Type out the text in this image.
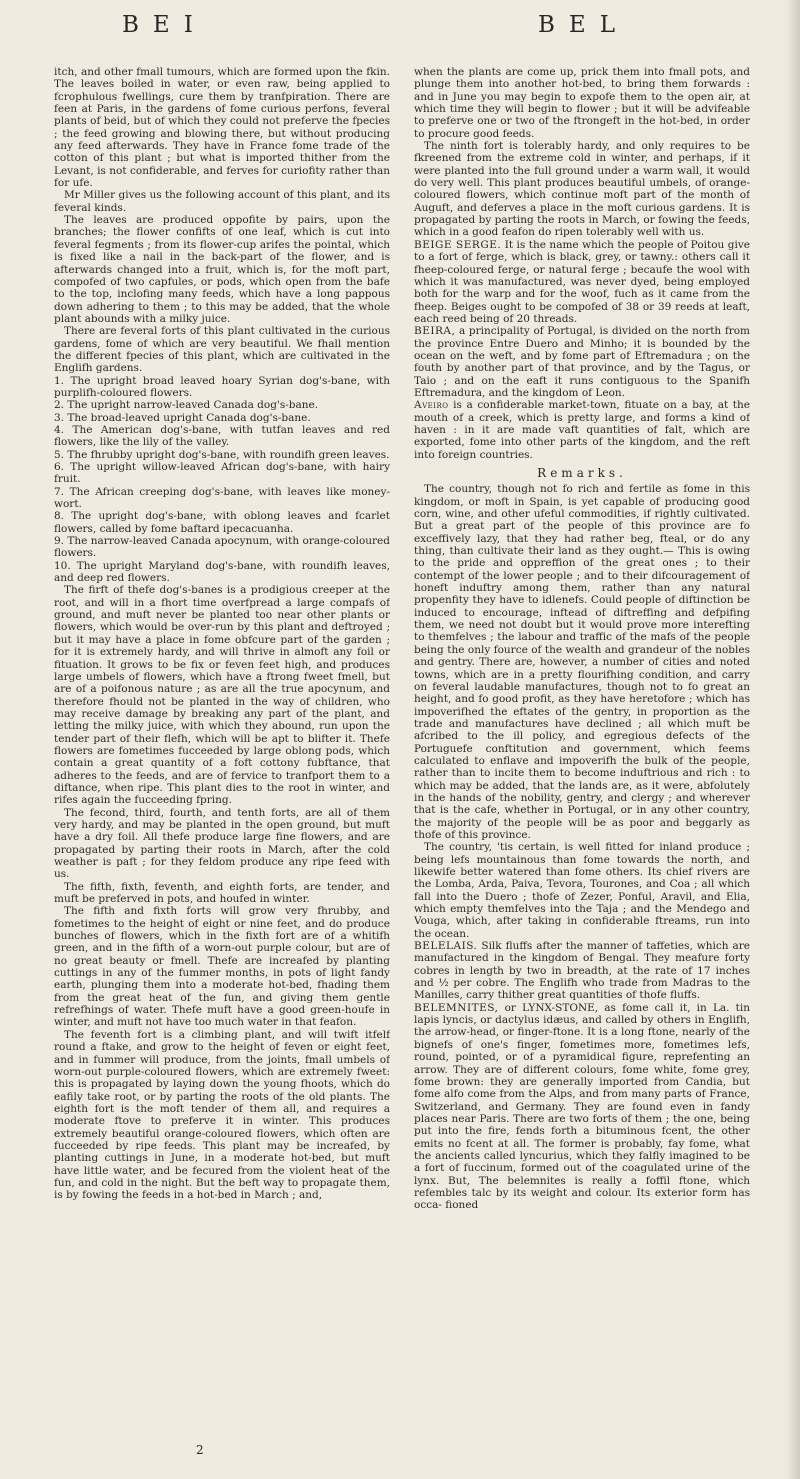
BEI	BEL

itch, and other fmall tumours, which are formed upon the fkin. The leaves boiled in water, or even raw, being applied to fcrophulous fwellings, cure them by tranfpiration. There are feen at Paris, in the gardens of fome curious perfons, feveral plants of beid, but of which they could not preferve the fpecies ; the feed growing and blowing there, but without producing any feed afterwards. They have in France fome trade of the cotton of this plant ; but what is imported thither from the Levant, is not confiderable, and ferves for curiofity rather than for ufe.

Mr Miller gives us the following account of this plant, and its feveral kinds.

The leaves are produced oppofite by pairs, upon the branches; the flower confifts of one leaf, which is cut into feveral fegments ; from its flower-cup arifes the pointal, which is fixed like a nail in the back-part of the flower, and is afterwards changed into a fruit, which is, for the moft part, compofed of two capfules, or pods, which open from the bafe to the top, inclofing many feeds, which have a long pappous down adhering to them ; to this may be added, that the whole plant abounds with a milky juice.

There are feveral forts of this plant cultivated in the curious gardens, fome of which are very beautiful. We fhall mention the different fpecies of this plant, which are cultivated in the Englifh gardens.

1. The upright broad leaved hoary Syrian dog's-bane, with purplifh-coloured flowers.

2. The upright narrow-leaved Canada dog's-bane.

3. The broad-leaved upright Canada dog's-bane.

4. The American dog's-bane, with tutfan leaves and red flowers, like the lily of the valley.

5. The fhrubby upright dog's-bane, with roundifh green leaves.

6. The upright willow-leaved African dog's-bane, with hairy fruit.

7. The African creeping dog's-bane, with leaves like money-wort.

8. The upright dog's-bane, with oblong leaves and fcarlet flowers, called by fome baftard ipecacuanha.

9. The narrow-leaved Canada apocynum, with orange-coloured flowers.

10. The upright Maryland dog's-bane, with roundifh leaves, and deep red flowers.

The firft of thefe dog's-banes is a prodigious creeper at the root, and will in a fhort time overfpread a large compafs of ground, and muft never be planted too near other plants or flowers, which would be over-run by this plant and deftroyed ; but it may have a place in fome obfcure part of the garden ; for it is extremely hardy, and will thrive in almoft any foil or fituation. It grows to be fix or feven feet high, and produces large umbels of flowers, which have a ftrong fweet fmell, but are of a poifonous nature ; as are all the true apocynum, and therefore fhould not be planted in the way of children, who may receive damage by breaking any part of the plant, and letting the milky juice, with which they abound, run upon the tender part of their flefh, which will be apt to blifter it. Thefe flowers are fometimes fucceeded by large oblong pods, which contain a great quantity of a foft cottony fubftance, that adheres to the feeds, and are of fervice to tranfport them to a diftance, when ripe. This plant dies to the root in winter, and rifes again the fucceeding fpring.

The fecond, third, fourth, and tenth forts, are all of them very hardy, and may be planted in the open ground, but muft have a dry foil. All thefe produce large fine flowers, and are propagated by parting their roots in March, after the cold weather is paft ; for they feldom produce any ripe feed with us.

The fifth, fixth, feventh, and eighth forts, are tender, and muft be preferved in pots, and houfed in winter.

The fifth and fixth forts will grow very fhrubby, and fometimes to the height of eight or nine feet, and do produce bunches of flowers, which in the fixth fort are of a whitifh green, and in the fifth of a worn-out purple colour, but are of no great beauty or fmell. Thefe are increafed by planting cuttings in any of the fummer months, in pots of light fandy earth, plunging them into a moderate hot-bed, fhading them from the great heat of the fun, and giving them gentle refrefhings of water. Thefe muft have a good green-houfe in winter, and muft not have too much water in that feafon.

The feventh fort is a climbing plant, and will twift itfelf round a ftake, and grow to the height of feven or eight feet, and in fummer will produce, from the joints, fmall umbels of worn-out purple-coloured flowers, which are extremely fweet: this is propagated by laying down the young fhoots, which do eafily take root, or by parting the roots of the old plants. The eighth fort is the moft tender of them all, and requires a moderate ftove to preferve it in winter. This produces extremely beautiful orange-coloured flowers, which often are fucceeded by ripe feeds. This plant may be increafed, by planting cuttings in June, in a moderate hot-bed, but muft have little water, and be fecured from the violent heat of the fun, and cold in the night. But the beft way to propagate them, is by fowing the feeds in a hot-bed in March ; and,

when the plants are come up, prick them into fmall pots, and plunge them into another hot-bed, to bring them forwards : and in June you may begin to expofe them to the open air, at which time they will begin to flower ; but it will be advifeable to preferve one or two of the ftrongeft in the hot-bed, in order to procure good feeds.

The ninth fort is tolerably hardy, and only requires to be fkreened from the extreme cold in winter, and perhaps, if it were planted into the full ground under a warm wall, it would do very well. This plant produces beautiful umbels, of orange-coloured flowers, which continue moft part of the month of Auguft, and deferves a place in the moft curious gardens. It is propagated by parting the roots in March, or fowing the feeds, which in a good feafon do ripen tolerably well with us.

BEIGE SERGE. It is the name which the people of Poitou give to a fort of ferge, which is black, grey, or tawny.: others call it fheep-coloured ferge, or natural ferge ; becaufe the wool with which it was manufactured, was never dyed, being employed both for the warp and for the woof, fuch as it came from the fheep. Beiges ought to be compofed of 38 or 39 reeds at leaft, each reed being of 20 threads.

BEIRA, a principality of Portugal, is divided on the north from the province Entre Duero and Minho; it is bounded by the ocean on the weft, and by fome part of Eftremadura ; on the fouth by another part of that province, and by the Tagus, or Taio ; and on the eaft it runs contiguous to the Spanifh Eftremadura, and the kingdom of Leon.

Aveiro is a confiderable market-town, fituate on a bay, at the mouth of a creek, which is pretty large, and forms a kind of haven : in it are made vaft quantities of falt, which are exported, fome into other parts of the kingdom, and the reft into foreign countries.

Remarks.

The country, though not fo rich and fertile as fome in this kingdom, or moft in Spain, is yet capable of producing good corn, wine, and other ufeful commodities, if rightly cultivated. But a great part of the people of this province are fo exceffively lazy, that they had rather beg, fteal, or do any thing, than cultivate their land as they ought.— This is owing to the pride and oppreffion of the great ones ; to their contempt of the lower people ; and to their difcouragement of honeft induftry among them, rather than any natural propenfity they have to idlenefs. Could people of diftinction be induced to encourage, inftead of diftreffing and defpifing them, we need not doubt but it would prove more interefting to themfelves ; the labour and traffic of the mafs of the people being the only fource of the wealth and grandeur of the nobles and gentry. There are, however, a number of cities and noted towns, which are in a pretty flourifhing condition, and carry on feveral laudable manufactures, though not to fo great an height, and fo good profit, as they have heretofore ; which has impoverifhed the eftates of the gentry, in proportion as the trade and manufactures have declined ; all which muft be afcribed to the ill policy, and egregious defects of the Portuguefe conftitution and government, which feems calculated to enflave and impoverifh the bulk of the people, rather than to incite them to become induftrious and rich : to which may be added, that the lands are, as it were, abfolutely in the hands of the nobility, gentry, and clergy ; and wherever that is the cafe, whether in Portugal, or in any other country, the majority of the people will be as poor and beggarly as thofe of this province.

The country, 'tis certain, is well fitted for inland produce ; being lefs mountainous than fome towards the north, and likewife better watered than fome others. Its chief rivers are the Lomba, Arda, Paiva, Tevora, Tourones, and Coa ; all which fall into the Duero ; thofe of Zezer, Ponful, Aravil, and Elia, which empty themfelves into the Taja ; and the Mendego and Vouga, which, after taking in confiderable ftreams, run into the ocean.

BELELAIS. Silk fluffs after the manner of taffeties, which are manufactured in the kingdom of Bengal. They meafure forty cobres in length by two in breadth, at the rate of 17 inches and ½ per cobre. The Englifh who trade from Madras to the Manilles, carry thither great quantities of thofe fluffs.

BELEMNITES, or LYNX-STONE, as fome call it, in La. tin lapis lyncis, or dactylus idæus, and called by others in Englifh, the arrow-head, or finger-ftone. It is a long ftone, nearly of the bignefs of one's finger, fometimes more, fometimes lefs, round, pointed, or of a pyramidical figure, reprefenting an arrow. They are of different colours, fome white, fome grey, fome brown: they are generally imported from Candia, but fome alfo come from the Alps, and from many parts of France, Switzerland, and Germany. They are found even in fandy places near Paris. There are two forts of them ; the one, being put into the fire, fends forth a bituminous fcent, the other emits no fcent at all. The former is probably, fay fome, what the ancients called lyncurius, which they falfly imagined to be a fort of fuccinum, formed out of the coagulated urine of the lynx. But, The belemnites is really a foffil ftone, which refembles talc by its weight and colour. Its exterior form has occa- fioned

2
